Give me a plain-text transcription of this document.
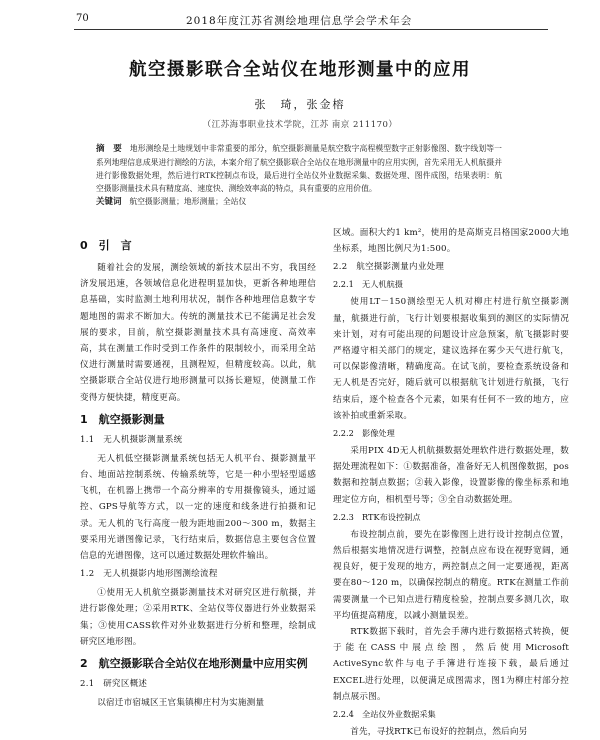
70	2018年度江苏省测绘地理信息学会学术年会
航空摄影联合全站仪在地形测量中的应用
张　琦，张金榕
（江苏海事职业技术学院，江苏 南京 211170）
摘　要　 地形测绘是土地规划中非常重要的部分，航空摄影测量是航空数字高程模型数字正射影像图、数字线划等一系列地理信息成果进行测绘的方法，本案介绍了航空摄影联合全站仪在地形测量中的应用实例，首先采用无人机航摄并进行影像数据处理，然后进行RTK控制点布设，最后进行全站仪外业数据采集、数据处理、图件成图，结果表明：航空摄影测量技术具有精度高、速度快、测绘效率高的特点，具有重要的应用价值。
关键词　 航空摄影测量；地形测量；全站仪
0　引　言

随着社会的发展，测绘领域的新技术层出不穷，我国经济发展迅速，各领域信息化进程明显加快，更新各种地理信息基础，实时监测土地利用状况，制作各种地理信息数字专题地图的需求不断加大。传统的测量技术已不能满足社会发展的要求，目前，航空摄影测量技术具有高速度、高效率高，其在测量工作时受到工作条件的限制较小，而采用全站仪进行测量时需要通视，且测程短，但精度较高。以此，航空摄影联合全站仪进行地形测量可以扬长避短，使测量工作变得方便快捷，精度更高。

1　航空摄影测量
1.1　无人机摄影测量系统

无人机低空摄影测量系统包括无人机平台、摄影测量平台、地面站控制系统、传输系统等，它是一种小型轻型遥感飞机，在机器上携带一个高分辨率的专用摄像镜头，通过遥控、GPS导航等方式，以一定的速度和线条进行拍摄和记录。无人机的飞行高度一般为距地面200～300 m，数据主要采用光谱图像记录，飞行结束后，数据信息主要包含位置信息的光谱图像，这可以通过数据处理软件输出。

1.2　无人机摄影内地形图测绘流程

①使用无人机航空摄影测量技术对研究区进行航摄，并进行影像处理；②采用RTK、全站仪等仪器进行外业数据采集；③使用CASS软件对外业数据进行分析和整理，绘制成研究区地形图。

2　航空摄影联合全站仪在地形测量中应用实例
2.1　研究区概述

以宿迁市宿城区王官集镇柳庄村为实施测量

区域。面积大约1 km²，使用的是高斯克吕格国家2000大地坐标系，地图比例尺为1:500。

2.2　航空摄影测量内业处理
2.2.1　无人机航摄

使用LT－150测绘型无人机对柳庄村进行航空摄影测量，航摄进行前，飞行计划要根据收集到的测区的实际情况来计划，对有可能出现的问题设计应急预案，航飞摄影时要严格遵守相关部门的规定，建议选择在雾少天气进行航飞，可以保影像清晰，精确度高。在试飞前，要检查系统设备和无人机是否完好，随后就可以根据航飞计划进行航摄，飞行结束后，逐个检查各个元素，如果有任何不一致的地方，应该补拍或重新采取。

2.2.2　影像处理

采用PIX 4D无人机航摄数据处理软件进行数据处理，数据处理流程如下：①数据准备，准备好无人机图像数据，pos数据和控制点数据；②载入影像，设置影像的像坐标系和地理定位方向，相机型号等；③全自动数据处理。

2.2.3　RTK布设控制点

布设控制点前，要先在影像图上进行设计控制点位置，然后根据实地情况进行调整，控制点应布设在视野宽阔，通视良好，便于发现的地方，两控制点之间一定要通视，距离要在80～120 m，以确保控制点的精度。RTK在测量工作前需要测量一个已知点进行精度检验，控制点要多测几次，取平均值提高精度，以减小测量误差。

RTK数据下载时，首先会手薄内进行数据格式转换，便于能在CASS中展点绘图，然后使用Microsoft ActiveSync软件与电子手簿进行连接下载，最后通过EXCEL进行处理，以便满足成图需求，图1为柳庄村部分控制点展示图。

2.2.4　全站仪外业数据采集

首先，寻找RTK已布设好的控制点，然后向另
